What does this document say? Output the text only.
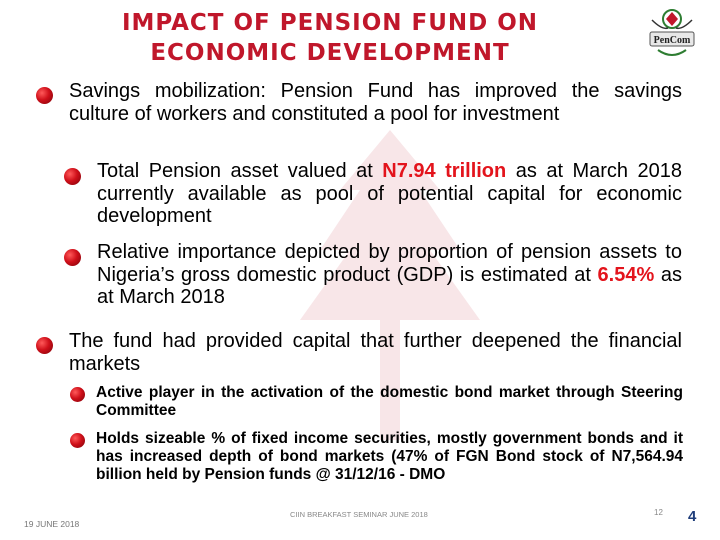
IMPACT OF PENSION FUND ON ECONOMIC DEVELOPMENT	PenCom

Savings mobilization: Pension Fund has improved the savings culture of workers and constituted a pool for investment

Total Pension asset valued at N7.94 trillion as at March 2018 currently available as pool of potential capital for economic development

Relative importance depicted by proportion of pension assets to Nigeria’s gross domestic product (GDP) is estimated at 6.54% as at March 2018

The fund had provided capital that further deepened the financial markets

Active player in the activation of the domestic bond market through Steering Committee

Holds sizeable % of fixed income securities, mostly government bonds and it has increased depth of bond markets (47% of FGN Bond stock of N7,564.94 billion held by Pension funds @ 31/12/16 - DMO

19 JUNE 2018
CIIN BREAKFAST SEMINAR JUNE 2018	12 4
